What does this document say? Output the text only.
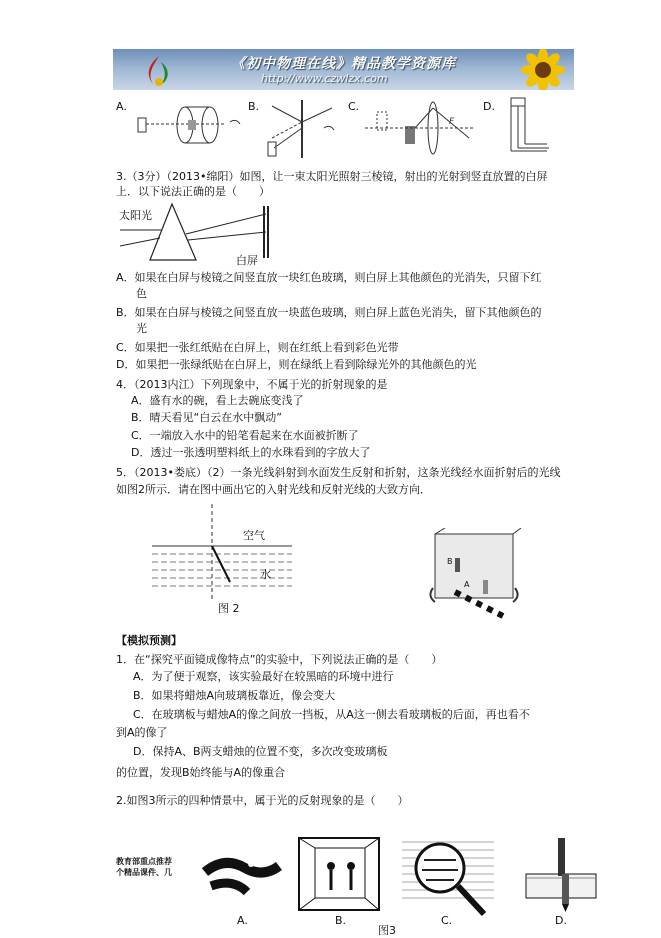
《初中物理在线》精品教学资源库
http://www.czwlzx.com
A.	B.	C.	D.
F
3.（3分）（2013•绵阳）如图，让一束太阳光照射三棱镜，射出的光射到竖直放置的白屏
上．以下说法正确的是（　　）
太阳光
白屏
A．如果在白屏与棱镜之间竖直放一块红色玻璃，则白屏上其他颜色的光消失，只留下红
色
B．如果在白屏与棱镜之间竖直放一块蓝色玻璃，则白屏上蓝色光消失，留下其他颜色的
光
C．如果把一张红纸贴在白屏上，则在红纸上看到彩色光带
D．如果把一张绿纸贴在白屏上，则在绿纸上看到除绿光外的其他颜色的光
4．（2013内江）下列现象中，不属于光的折射现象的是
A．盛有水的碗，看上去碗底变浅了
B．晴天看见“白云在水中飘动”
C．一端放入水中的铅笔看起来在水面被折断了
D．透过一张透明塑料纸上的水珠看到的字放大了
5．（2013•娄底）（2）一条光线斜射到水面发生反射和折射，这条光线经水面折射后的光线
如图2所示．请在图中画出它的入射光线和反射光线的大致方向．
空气
水
图 2
A
B
【模拟预测】
1．在“探究平面镜成像特点”的实验中，下列说法正确的是（　　）
A．为了便于观察，该实验最好在较黑暗的环境中进行
B．如果将蜡烛A向玻璃板靠近，像会变大
C．在玻璃板与蜡烛A的像之间放一挡板，从A这一侧去看玻璃板的后面，再也看不
到A的像了
D．保持A、B两支蜡烛的位置不变，多次改变玻璃板
的位置，发现B始终能与A的像重合
2.如图3所示的四种情景中，属于光的反射现象的是（　　）
教育部重点推荐
个精品课件、几
A.	B.	C.	D.
图3
